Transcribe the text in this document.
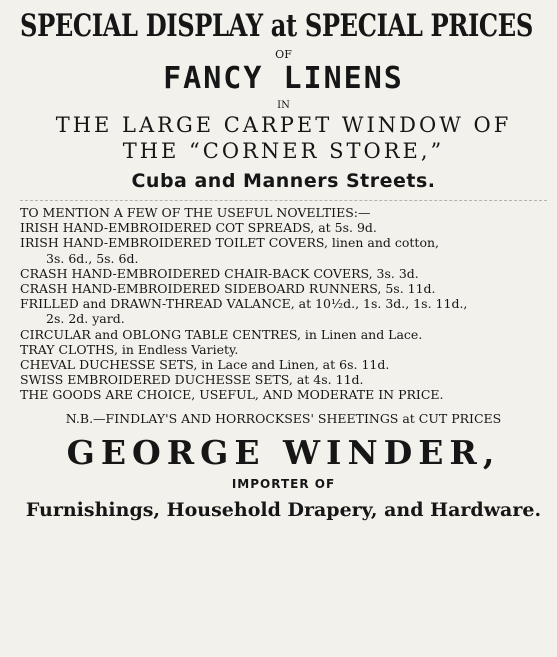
SPECIAL DISPLAY at SPECIAL PRICES
OF
FANCY LINENS
IN
THE LARGE CARPET WINDOW OF
THE “CORNER STORE,”
Cuba and Manners Streets.
TO MENTION A FEW OF THE USEFUL NOVELTIES:—
IRISH HAND-EMBROIDERED COT SPREADS, at 5s. 9d.
IRISH HAND-EMBROIDERED TOILET COVERS, linen and cotton,
3s. 6d., 5s. 6d.
CRASH HAND-EMBROIDERED CHAIR-BACK COVERS, 3s. 3d.
CRASH HAND-EMBROIDERED SIDEBOARD RUNNERS, 5s. 11d.
FRILLED and DRAWN-THREAD VALANCE, at 10½d., 1s. 3d., 1s. 11d.,
2s. 2d. yard.
CIRCULAR and OBLONG TABLE CENTRES, in Linen and Lace.
TRAY CLOTHS, in Endless Variety.
CHEVAL DUCHESSE SETS, in Lace and Linen, at 6s. 11d.
SWISS EMBROIDERED DUCHESSE SETS, at 4s. 11d.
THE GOODS ARE CHOICE, USEFUL, AND MODERATE IN PRICE.
N.B.—FINDLAY'S AND HORROCKSES' SHEETINGS at CUT PRICES
GEORGE WINDER,
IMPORTER OF
Furnishings, Household Drapery, and Hardware.
